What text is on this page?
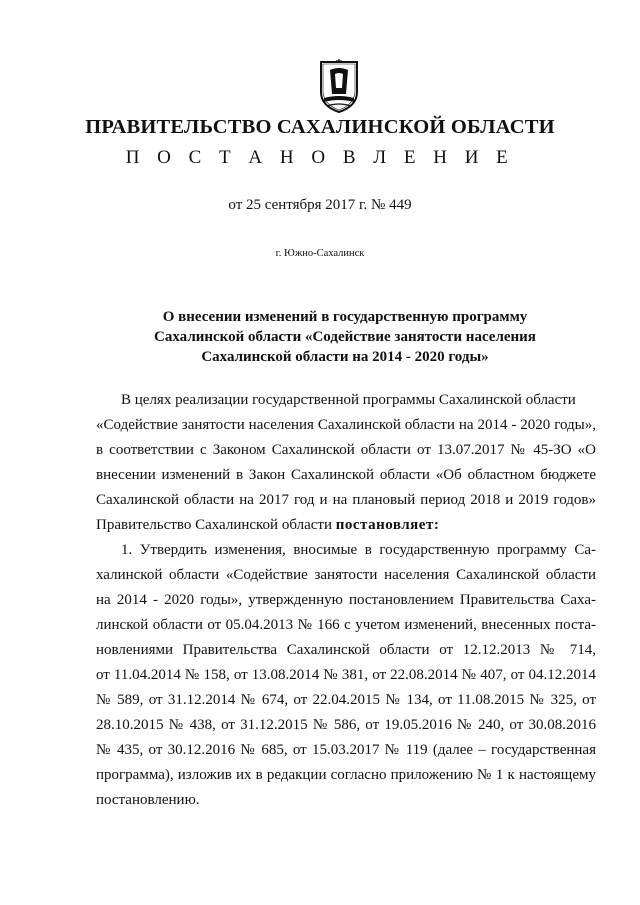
ПРАВИТЕЛЬСТВО САХАЛИНСКОЙ ОБЛАСТИ
П О С Т А Н О В Л Е Н И Е
от 25 сентября 2017 г. № 449
г. Южно-Сахалинск
О внесении изменений в государственную программу
Сахалинской области «Содействие занятости населения
Сахалинской области на 2014 - 2020 годы»
В целях реализации государственной программы Сахалинской области
«Содействие занятости населения Сахалинской области на 2014 - 2020 годы»,
в соответствии с Законом Сахалинской области от 13.07.2017 № 45-ЗО «О
внесении изменений в Закон Сахалинской области «Об областном бюджете
Сахалинской области на 2017 год и на плановый период 2018 и 2019 годов»
Правительство Сахалинской области постановляет:
1. Утвердить изменения, вносимые в государственную программу Са-
халинской области «Содействие занятости населения Сахалинской области
на 2014 - 2020 годы», утвержденную постановлением Правительства Саха-
линской области от 05.04.2013 № 166 с учетом изменений, внесенных поста-
новлениями Правительства Сахалинской области от 12.12.2013 № 714,
от 11.04.2014 № 158, от 13.08.2014 № 381, от 22.08.2014 № 407, от 04.12.2014
№ 589, от 31.12.2014 № 674, от 22.04.2015 № 134, от 11.08.2015 № 325, от
28.10.2015 № 438, от 31.12.2015 № 586, от 19.05.2016 № 240, от 30.08.2016
№ 435, от 30.12.2016 № 685, от 15.03.2017 № 119 (далее – государственная
программа), изложив их в редакции согласно приложению № 1 к настоящему
постановлению.
